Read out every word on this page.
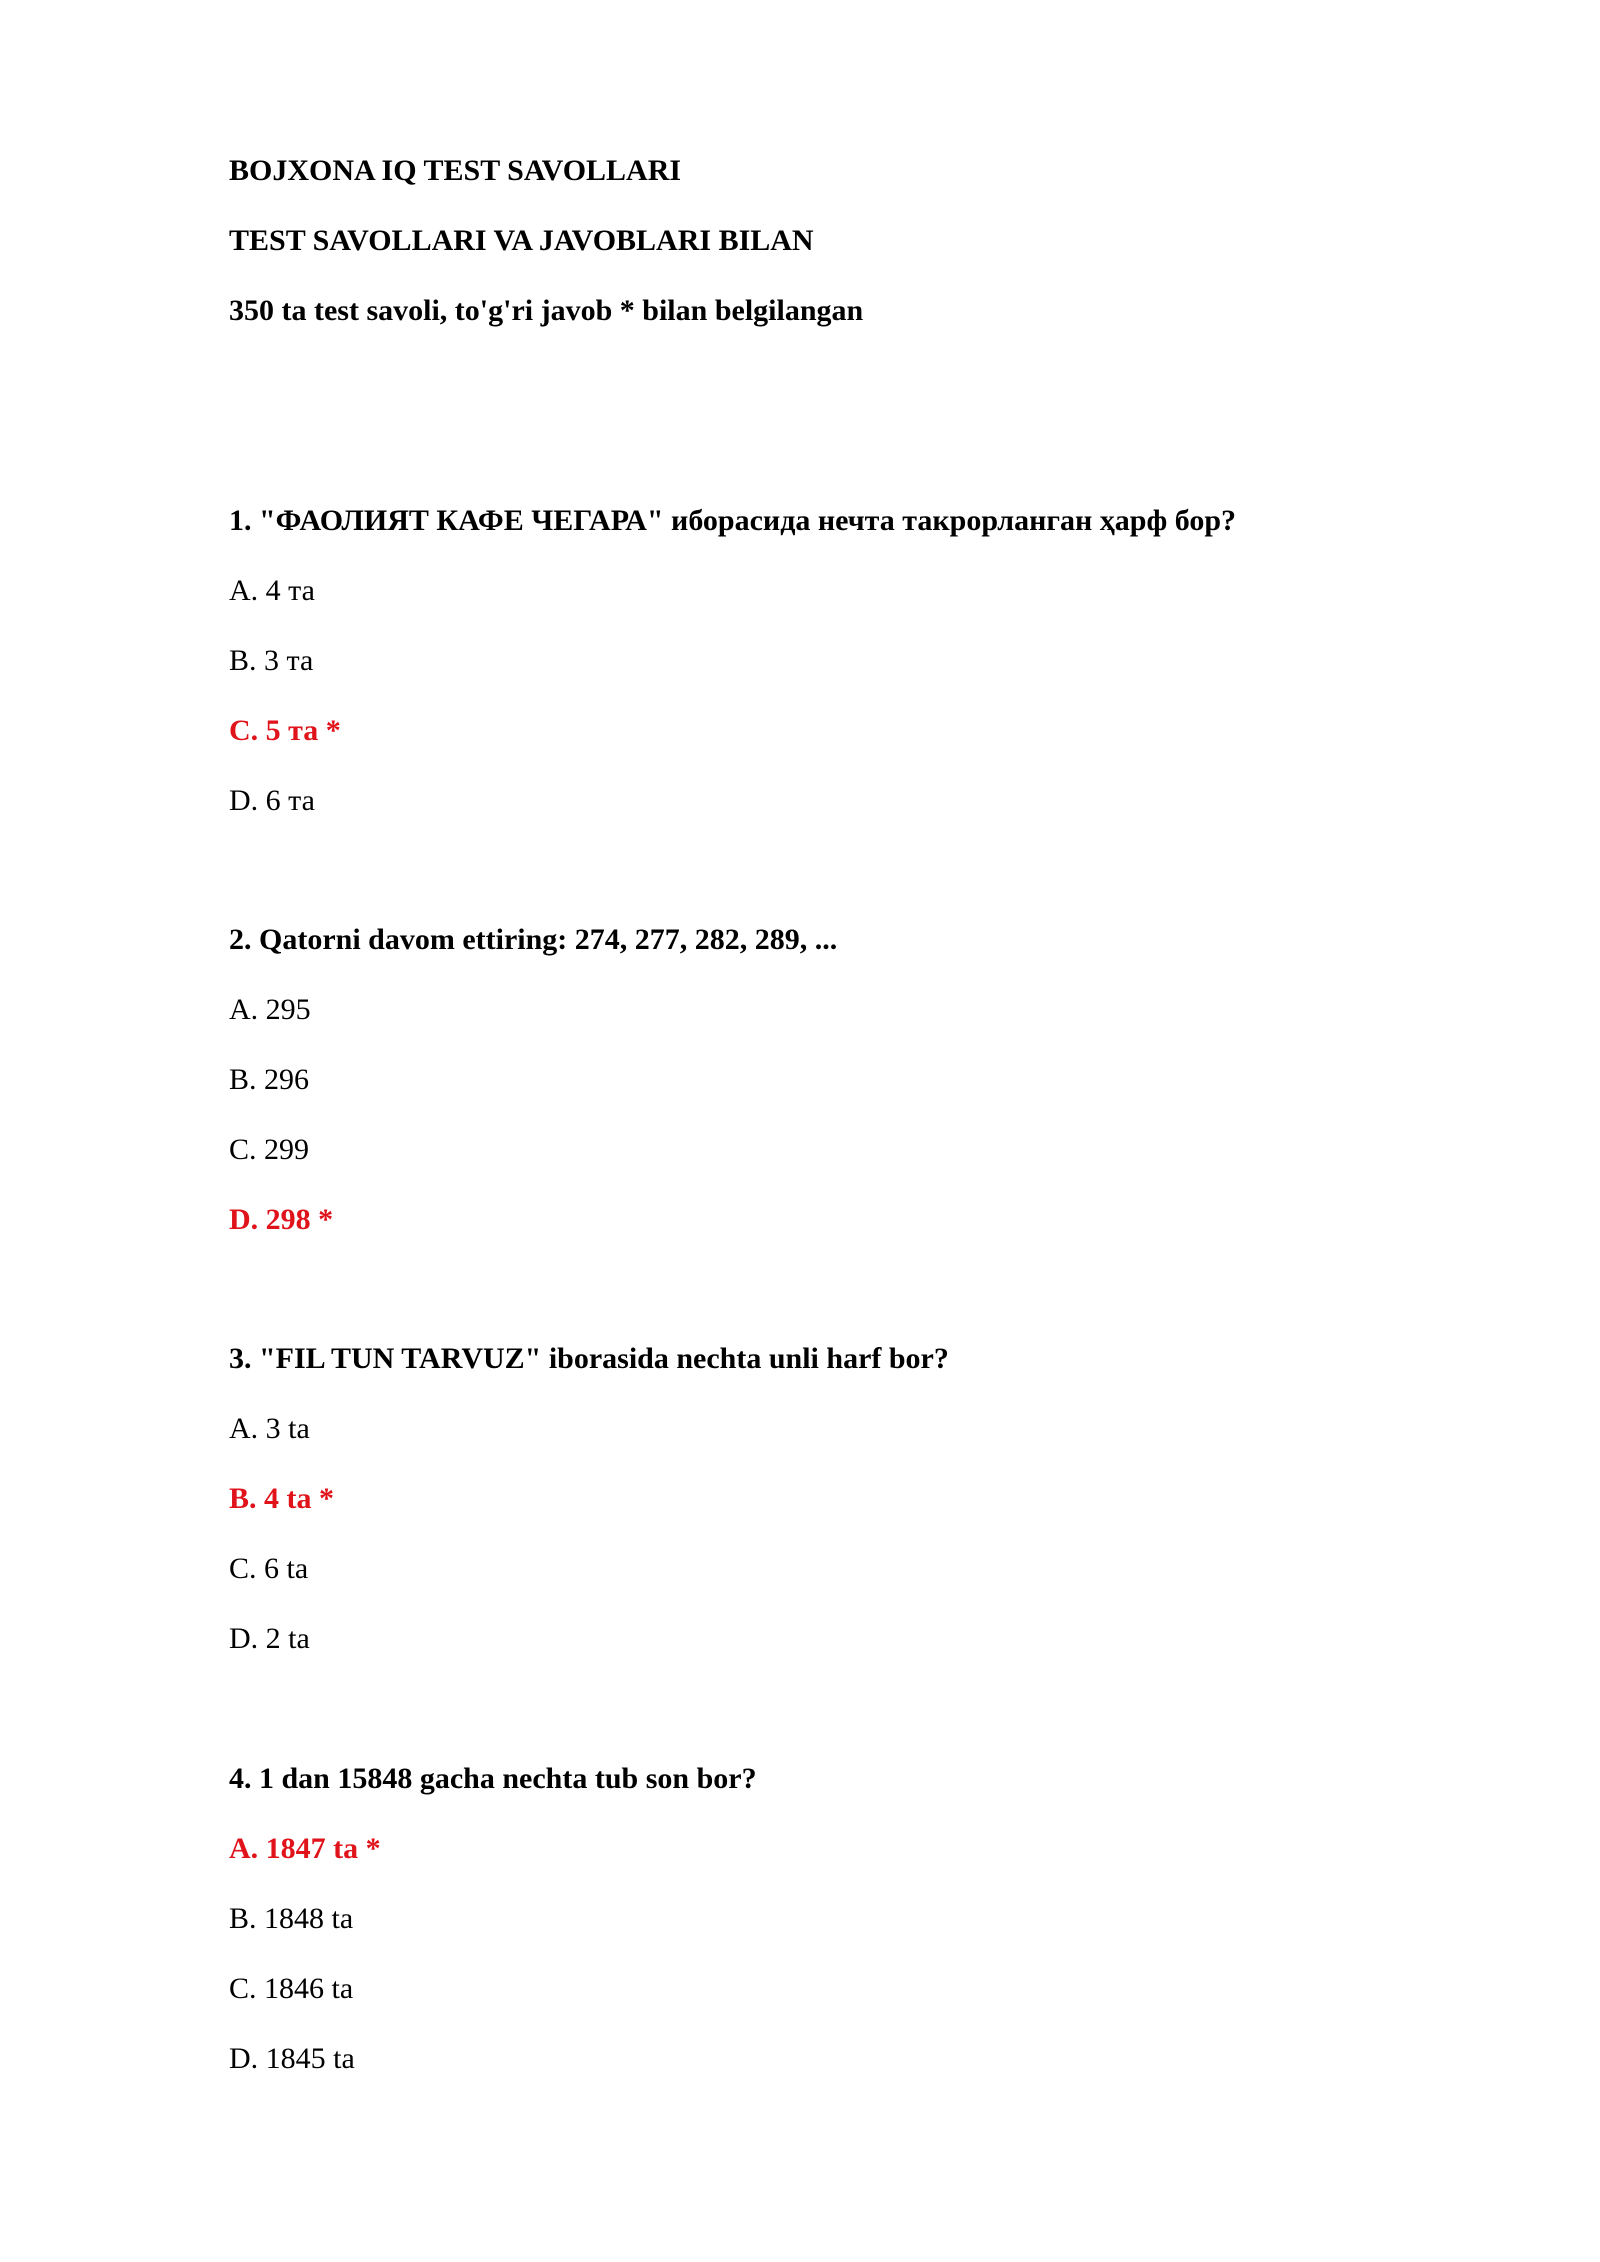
BOJXONA IQ TEST SAVOLLARI
TEST SAVOLLARI VA JAVOBLARI BILAN
350 ta test savoli, to'g'ri javob * bilan belgilangan
1. "ФАОЛИЯТ КАФЕ ЧЕГАРА" иборасида нечта такрорланган ҳарф бор?
A. 4 та
B. 3 та
C. 5 та *
D. 6 та
2. Qatorni davom ettiring: 274, 277, 282, 289, ...
A. 295
B. 296
C. 299
D. 298 *
3. "FIL TUN TARVUZ" iborasida nechta unli harf bor?
A. 3 ta
B. 4 ta *
C. 6 ta
D. 2 ta
4. 1 dan 15848 gacha nechta tub son bor?
A. 1847 ta *
B. 1848 ta
C. 1846 ta
D. 1845 ta
